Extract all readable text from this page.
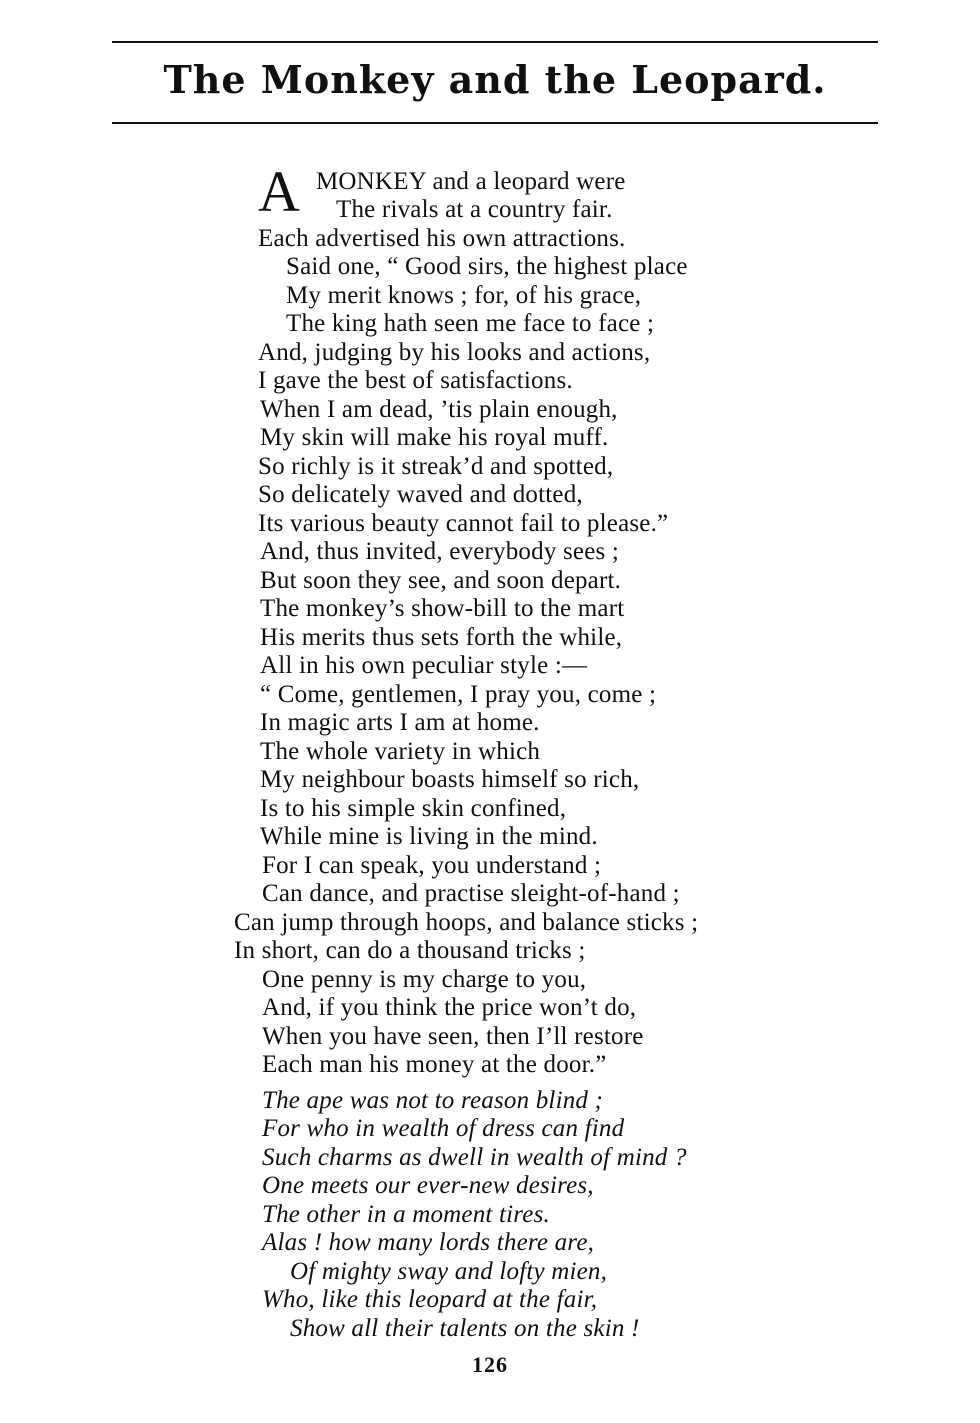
The Monkey and the Leopard.
A MONKEY and a leopard were
The rivals at a country fair.
Each advertised his own attractions.
Said one, “ Good sirs, the highest place
My merit knows ; for, of his grace,
The king hath seen me face to face ;
And, judging by his looks and actions,
I gave the best of satisfactions.
When I am dead, ’tis plain enough,
My skin will make his royal muff.
So richly is it streak’d and spotted,
So delicately waved and dotted,
Its various beauty cannot fail to please.”
And, thus invited, everybody sees ;
But soon they see, and soon depart.
The monkey’s show-bill to the mart
His merits thus sets forth the while,
All in his own peculiar style :—
“ Come, gentlemen, I pray you, come ;
In magic arts I am at home.
The whole variety in which
My neighbour boasts himself so rich,
Is to his simple skin confined,
While mine is living in the mind.
For I can speak, you understand ;
Can dance, and practise sleight-of-hand ;
Can jump through hoops, and balance sticks ;
In short, can do a thousand tricks ;
One penny is my charge to you,
And, if you think the price won’t do,
When you have seen, then I’ll restore
Each man his money at the door.”
The ape was not to reason blind ;
For who in wealth of dress can find
Such charms as dwell in wealth of mind ?
One meets our ever-new desires,
The other in a moment tires.
Alas ! how many lords there are,
Of mighty sway and lofty mien,
Who, like this leopard at the fair,
Show all their talents on the skin !
126
